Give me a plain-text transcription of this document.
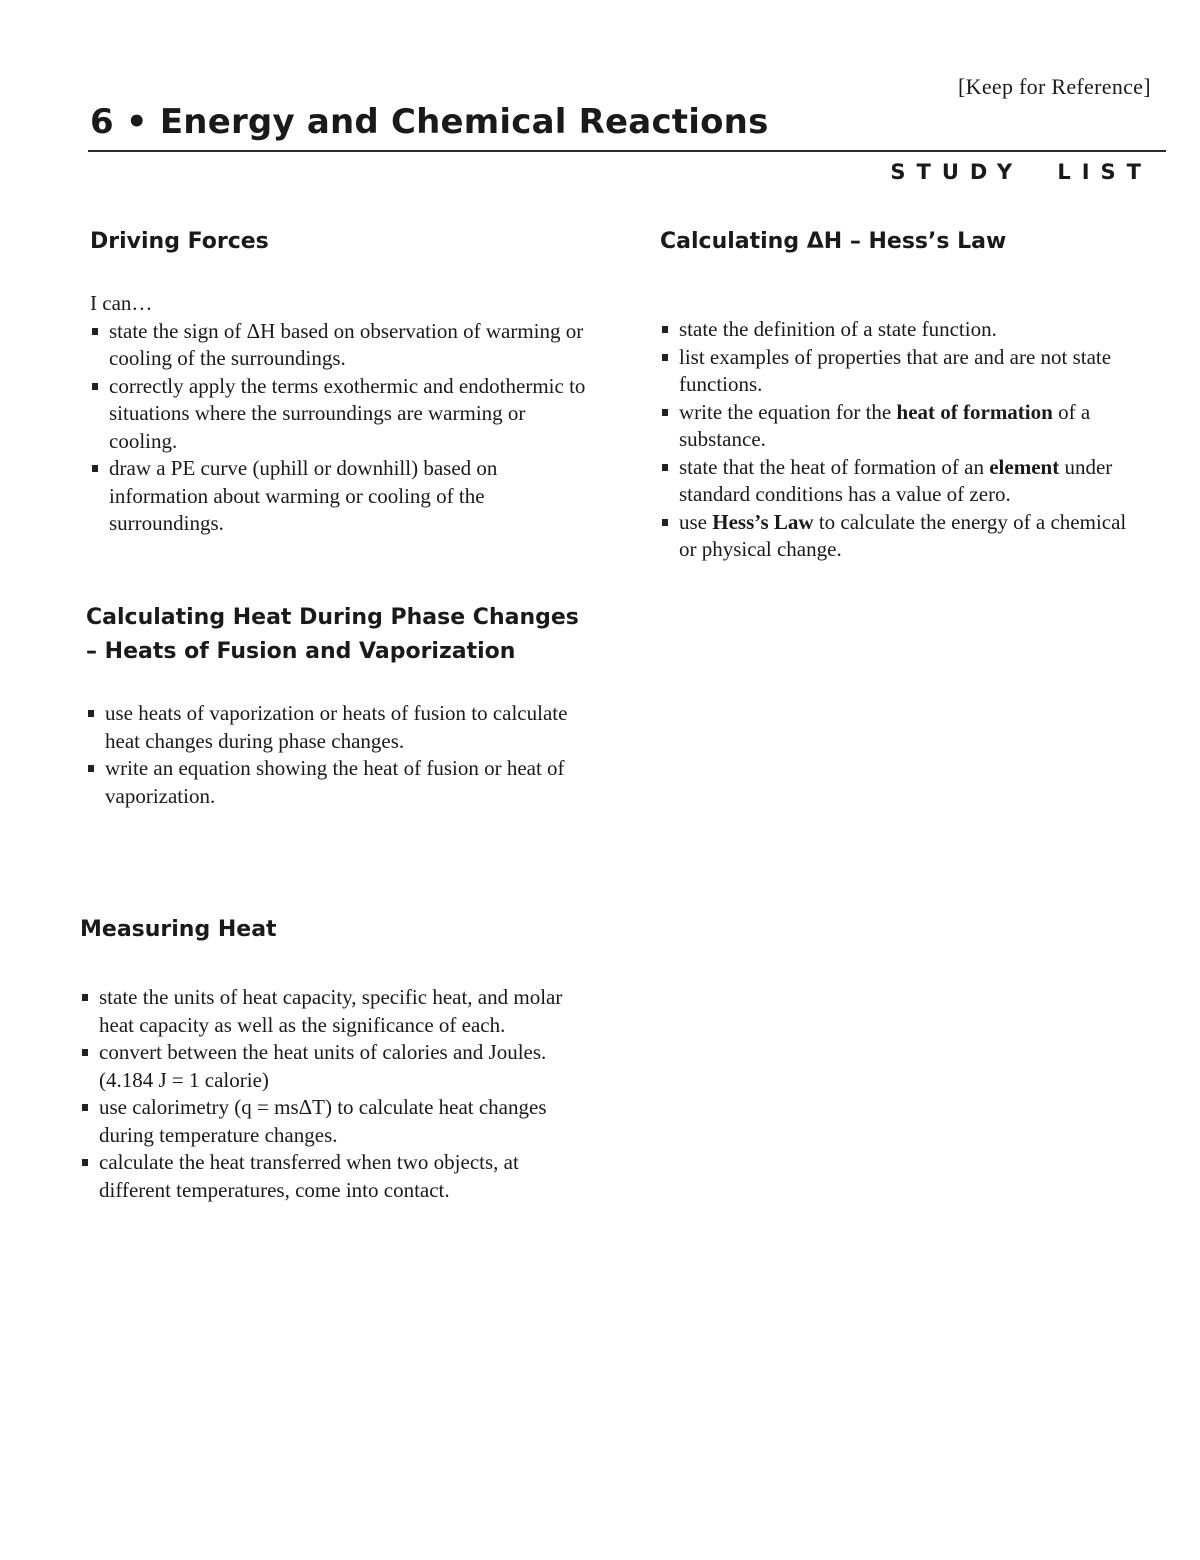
[Keep for Reference]
6 • Energy and Chemical Reactions
STUDY LIST
Driving Forces

I can…

state the sign of ΔH based on observation of warming or cooling of the surroundings.
correctly apply the terms exothermic and endothermic to situations where the surroundings are warming or cooling.
draw a PE curve (uphill or downhill) based on information about warming or cooling of the surroundings.
Calculating ΔH – Hess’s Law
state the definition of a state function.
list examples of properties that are and are not state functions.
write the equation for the heat of formation of a substance.
state that the heat of formation of an element under standard conditions has a value of zero.
use Hess’s Law to calculate the energy of a chemical or physical change.
Calculating Heat During Phase Changes – Heats of Fusion and Vaporization
use heats of vaporization or heats of fusion to calculate heat changes during phase changes.
write an equation showing the heat of fusion or heat of vaporization.
Measuring Heat
state the units of heat capacity, specific heat, and molar heat capacity as well as the significance of each.
convert between the heat units of calories and Joules. (4.184 J = 1 calorie)
use calorimetry (q = msΔT) to calculate heat changes during temperature changes.
calculate the heat transferred when two objects, at different temperatures, come into contact.
